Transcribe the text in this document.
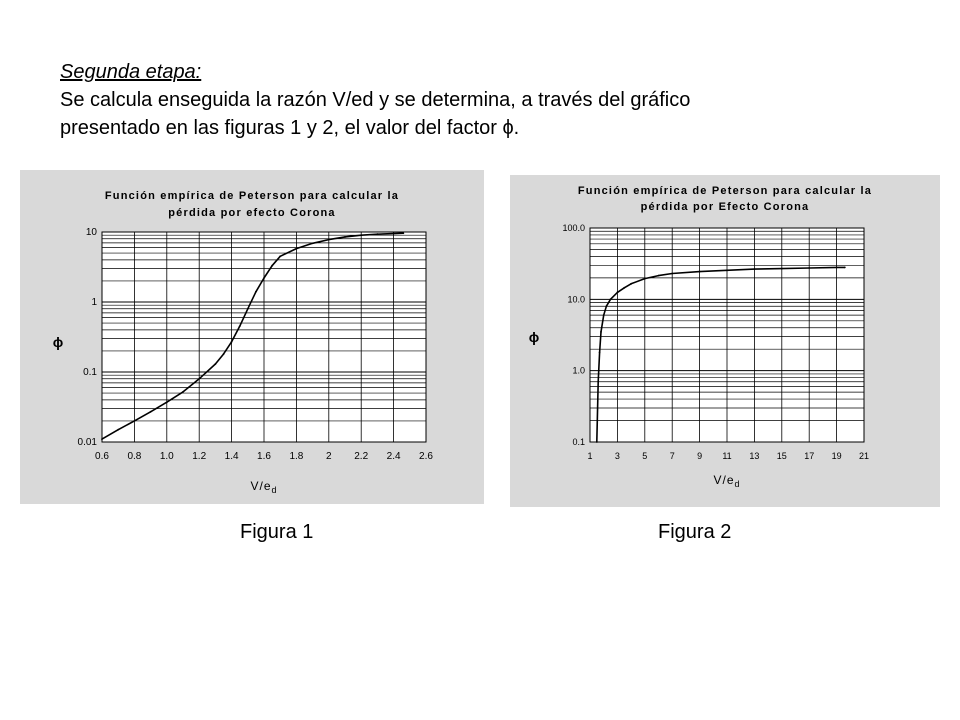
Segunda etapa:
Se calcula enseguida la razón V/ed y se determina, a través del gráfico
presentado en las figuras 1 y 2, el valor del factor ϕ.
Función empírica de Peterson para calcular la
pérdida por efecto Corona
0.01
0.1
1
10
0.6 0.8 1.0 1.2 1.4 1.6 1.8 2 2.2 2.4 2.6
$V/e_d$
ϕ
Función empírica de Peterson para calcular la
pérdida por Efecto Corona
0.1
1.0
10.0
100.0
1 3 5 7 9 11 13 15 17 19 21
$V/e_d$
ϕ
Figura 1	Figura 2
